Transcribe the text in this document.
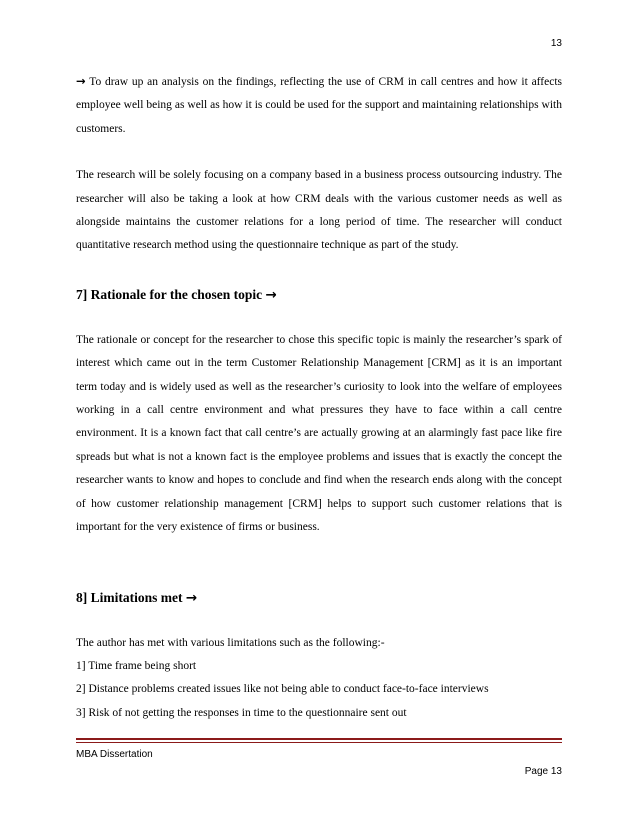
13

→ To draw up an analysis on the findings, reflecting the use of CRM in call centres and how it affects employee well being as well as how it is could be used for the support and maintaining relationships with customers.

The research will be solely focusing on a company based in a business process outsourcing industry. The researcher will also be taking a look at how CRM deals with the various customer needs as well as alongside maintains the customer relations for a long period of time. The researcher will conduct quantitative research method using the questionnaire technique as part of the study.

7] Rationale for the chosen topic →

The rationale or concept for the researcher to chose this specific topic is mainly the researcher’s spark of interest which came out in the term Customer Relationship Management [CRM] as it is an important term today and is widely used as well as the researcher’s curiosity to look into the welfare of employees working in a call centre environment and what pressures they have to face within a call centre environment. It is a known fact that call centre’s are actually growing at an alarmingly fast pace like fire spreads but what is not a known fact is the employee problems and issues that is exactly the concept the researcher wants to know and hopes to conclude and find when the research ends along with the concept of how customer relationship management [CRM] helps to support such customer relations that is important for the very existence of firms or business.

8] Limitations met →

The author has met with various limitations such as the following:-

1] Time frame being short

2] Distance problems created issues like not being able to conduct face-to-face interviews

3] Risk of not getting the responses in time to the questionnaire sent out

MBA Dissertation
Page 13
